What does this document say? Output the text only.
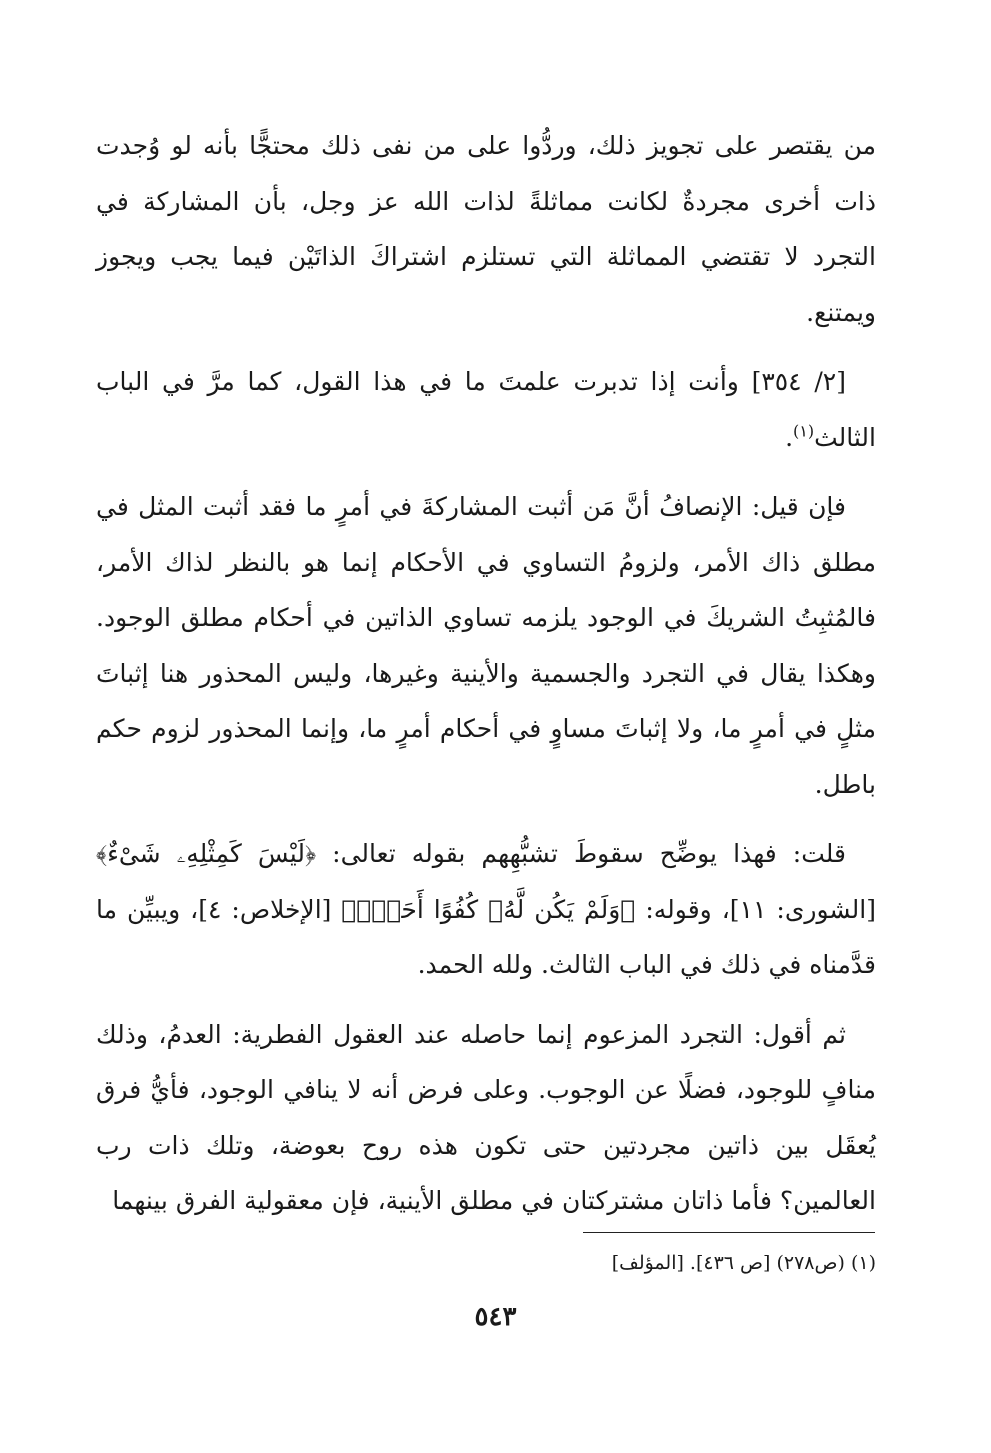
من يقتصر على تجويز ذلك، وردُّوا على من نفى ذلك محتجًّا بأنه لو وُجدت ذات أخرى مجردةٌ لكانت مماثلةً لذات الله عز وجل، بأن المشاركة في التجرد لا تقتضي المماثلة التي تستلزم اشتراكَ الذاتَيْن فيما يجب ويجوز ويمتنع.

[٢/ ٣٥٤] وأنت إذا تدبرت علمتَ ما في هذا القول، كما مرَّ في الباب الثالث$^{(١)}$.

فإن قيل: الإنصافُ أنَّ مَن أثبت المشاركةَ في أمرٍ ما فقد أثبت المثل في مطلق ذاك الأمر، ولزومُ التساوي في الأحكام إنما هو بالنظر لذاك الأمر، فالمُثبِتُ الشريكَ في الوجود يلزمه تساوي الذاتين في أحكام مطلق الوجود. وهكذا يقال في التجرد والجسمية والأينية وغيرها، وليس المحذور هنا إثباتَ مثلٍ في أمرٍ ما، ولا إثباتَ مساوٍ في أحكام أمرٍ ما، وإنما المحذور لزوم حكم باطل.

قلت: فهذا يوضِّح سقوطَ تشبُّهِهم بقوله تعالى: ﴿لَيْسَ كَمِثْلِهِۦ شَىْءٌ﴾ [الشورى: ١١]، وقوله: ﴿وَلَمْ يَكُن لَّهُۥ كُفُوًا أَحَدٌۢ﴾ [الإخلاص: ٤]، ويبيِّن ما قدَّمناه في ذلك في الباب الثالث. ولله الحمد.

ثم أقول: التجرد المزعوم إنما حاصله عند العقول الفطرية: العدمُ، وذلك منافٍ للوجود، فضلًا عن الوجوب. وعلى فرض أنه لا ينافي الوجود، فأيُّ فرق يُعقَل بين ذاتين مجردتين حتى تكون هذه روح بعوضة، وتلك ذات رب العالمين؟ فأما ذاتان مشتركتان في مطلق الأينية، فإن معقولية الفرق بينهما

(١) (ص٢٧٨) [ص ٤٣٦]. [المؤلف]
٥٤٣
